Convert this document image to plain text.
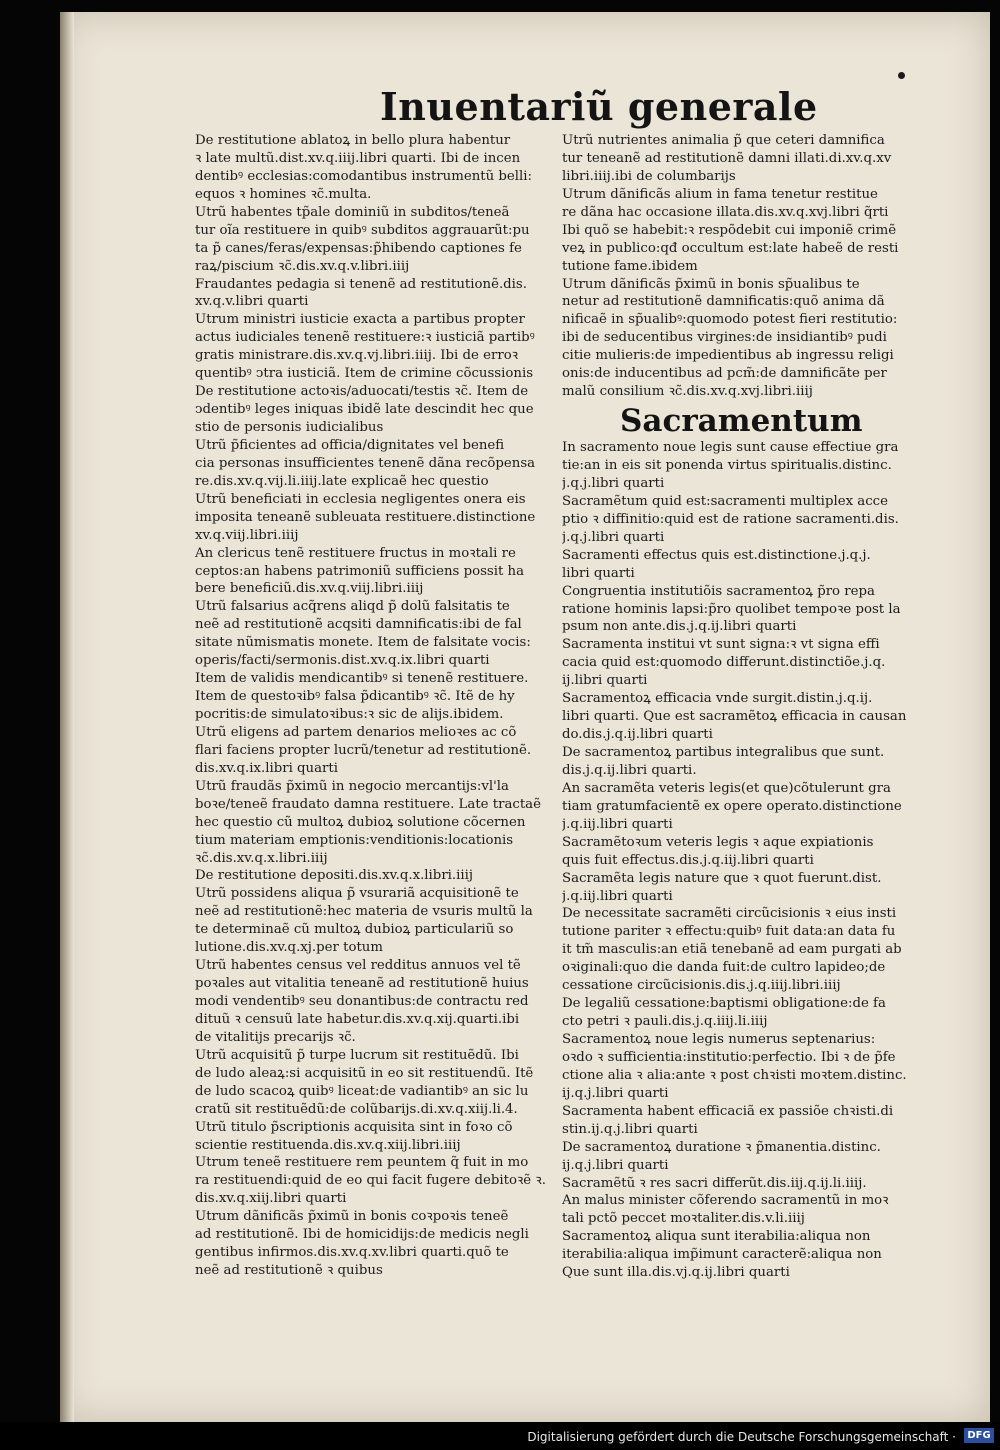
Inuentariũ generale
De restitutione ablatoꝝ in bello plura habentur
ꝛ late multũ.dist.xv.q.iiij.libri quarti. Ibi de incen
dentibꝰ ecclesias:comodantibus instrumentũ belli:
equos ꝛ homines ꝛc̃.multa.
Utrũ habentes tp̃ale dominiũ in subditos/teneã
tur oĩa restituere in quibꝰ subditos aggrauarũt:pu
ta p̃ canes/feras/expensas:p̃hibendo captiones fe
raꝝ/piscium ꝛc̃.dis.xv.q.v.libri.iiij
Fraudantes pedagia si tenenẽ ad restitutionẽ.dis.
xv.q.v.libri quarti
Utrum ministri iusticie exacta a partibus propter
actus iudiciales tenenẽ restituere:ꝛ iusticiã partibꝰ
gratis ministrare.dis.xv.q.vj.libri.iiij. Ibi de erroꝛ
quentibꝰ ↄtra iusticiã. Item de crimine cõcussionis
De restitutione actoꝛis/aduocati/testis ꝛc̃. Item de
ↄdentibꝰ leges iniquas ibidẽ late descindit hec que
stio de personis iudicialibus
Utrũ p̃ficientes ad officia/dignitates vel benefi
cia personas insufficientes tenenẽ dãna recõpensa
re.dis.xv.q.vij.li.iiij.late explicaẽ hec questio
Utrũ beneficiati in ecclesia negligentes onera eis
imposita teneanẽ subleuata restituere.distinctione
xv.q.viij.libri.iiij
An clericus tenẽ restituere fructus in moꝛtali re
ceptos:an habens patrimoniũ sufficiens possit ha
bere beneficiũ.dis.xv.q.viij.libri.iiij
Utrũ falsarius acq̃rens aliqd p̃ dolũ falsitatis te
neẽ ad restitutionẽ acqsiti damnificatis:ibi de fal
sitate nũmismatis monete. Item de falsitate vocis:
operis/facti/sermonis.dist.xv.q.ix.libri quarti
Item de validis mendicantibꝰ si tenenẽ restituere.
Item de questoꝛibꝰ falsa p̃dicantibꝰ ꝛc̃. Itẽ de hy
pocritis:de simulatoꝛibus:ꝛ sic de alijs.ibidem.
Utrũ eligens ad partem denarios melioꝛes ac cõ
flari faciens propter lucrũ/tenetur ad restitutionẽ.
dis.xv.q.ix.libri quarti
Utrũ fraudãs p̃ximũ in negocio mercantijs:vl'la
boꝛe/teneẽ fraudato damna restituere. Late tractaẽ
hec questio cũ multoꝝ dubioꝝ solutione cõcernen
tium materiam emptionis:venditionis:locationis
ꝛc̃.dis.xv.q.x.libri.iiij
De restitutione depositi.dis.xv.q.x.libri.iiij
Utrũ possidens aliqua p̃ vsurariã acquisitionẽ te
neẽ ad restitutionẽ:hec materia de vsuris multũ la
te determinaẽ cũ multoꝝ dubioꝝ particulariũ so
lutione.dis.xv.q.xj.per totum
Utrũ habentes census vel redditus annuos vel tẽ
poꝛales aut vitalitia teneanẽ ad restitutionẽ huius
modi vendentibꝰ seu donantibus:de contractu red
dituũ ꝛ censuũ late habetur.dis.xv.q.xij.quarti.ibi
de vitalitijs precarijs ꝛc̃.
Utrũ acquisitũ p̃ turpe lucrum sit restituẽdũ. Ibi
de ludo aleaꝝ:si acquisitũ in eo sit restituendũ. Itẽ
de ludo scacoꝝ quibꝰ liceat:de vadiantibꝰ an sic lu
cratũ sit restituẽdũ:de colũbarijs.di.xv.q.xiij.li.4.
Utrũ titulo p̃scriptionis acquisita sint in foꝛo cõ
scientie restituenda.dis.xv.q.xiij.libri.iiij
Utrum teneẽ restituere rem peuntem q̃ fuit in mo
ra restituendi:quid de eo qui facit fugere debitoꝛẽ ꝛ.
dis.xv.q.xiij.libri quarti
Utrum dãnificãs p̃ximũ in bonis coꝛpoꝛis teneẽ
ad restitutionẽ. Ibi de homicidijs:de medicis negli
gentibus infirmos.dis.xv.q.xv.libri quarti.quõ te
neẽ ad restitutionẽ ꝛ quibus
Utrũ nutrientes animalia p̃ que ceteri damnifica
tur teneanẽ ad restitutionẽ damni illati.di.xv.q.xv
libri.iiij.ibi de columbarijs
Utrum dãnificãs alium in fama tenetur restitue
re dãna hac occasione illata.dis.xv.q.xvj.libri q̃rti
Ibi quõ se habebit:ꝛ respõdebit cui imponiẽ crimẽ
veꝝ in publico:qđ occultum est:late habeẽ de resti
tutione fame.ibidem
Utrum dãnificãs p̃ximũ in bonis sp̃ualibus te
netur ad restitutionẽ damnificatis:quõ anima dã
nificaẽ in sp̃ualibꝰ:quomodo potest fieri restitutio:
ibi de seducentibus virgines:de insidiantibꝰ pudi
citie mulieris:de impedientibus ab ingressu religi
onis:de inducentibus ad pcm̃:de damnificãte per
malũ consilium ꝛc̃.dis.xv.q.xvj.libri.iiij
Sacramentum
In sacramento noue legis sunt cause effectiue gra
tie:an in eis sit ponenda virtus spiritualis.distinc.
j.q.j.libri quarti
Sacramẽtum quid est:sacramenti multiplex acce
ptio ꝛ diffinitio:quid est de ratione sacramenti.dis.
j.q.j.libri quarti
Sacramenti effectus quis est.distinctione.j.q.j.
libri quarti
Congruentia institutiõis sacramentoꝝ p̃ro repa
ratione hominis lapsi:p̃ro quolibet tempoꝛe post la
psum non ante.dis.j.q.ij.libri quarti
Sacramenta institui vt sunt signa:ꝛ vt signa effi
cacia quid est:quomodo differunt.distinctiõe.j.q.
ij.libri quarti
Sacramentoꝝ efficacia vnde surgit.distin.j.q.ij.
libri quarti. Que est sacramẽtoꝝ efficacia in causan
do.dis.j.q.ij.libri quarti
De sacramentoꝝ partibus integralibus que sunt.
dis.j.q.ij.libri quarti.
An sacramẽta veteris legis(et que)cõtulerunt gra
tiam gratumfacientẽ ex opere operato.distinctione
j.q.iij.libri quarti
Sacramẽtoꝛum veteris legis ꝛ aque expiationis
quis fuit effectus.dis.j.q.iij.libri quarti
Sacramẽta legis nature que ꝛ quot fuerunt.dist.
j.q.iij.libri quarti
De necessitate sacramẽti circũcisionis ꝛ eius insti
tutione pariter ꝛ effectu:quibꝰ fuit data:an data fu
it tm̃ masculis:an etiã tenebanẽ ad eam purgati ab
oꝛiginali:quo die danda fuit:de cultro lapideo;de
cessatione circũcisionis.dis.j.q.iiij.libri.iiij
De legaliũ cessatione:baptismi obligatione:de fa
cto petri ꝛ pauli.dis.j.q.iiij.li.iiij
Sacramentoꝝ noue legis numerus septenarius:
oꝛdo ꝛ sufficientia:institutio:perfectio. Ibi ꝛ de p̃fe
ctione alia ꝛ alia:ante ꝛ post chꝛisti moꝛtem.distinc.
ij.q.j.libri quarti
Sacramenta habent efficaciã ex passiõe chꝛisti.di
stin.ij.q.j.libri quarti
De sacramentoꝝ duratione ꝛ p̃manentia.distinc.
ij.q.j.libri quarti
Sacramẽtũ ꝛ res sacri differũt.dis.iij.q.ij.li.iiij.
An malus minister cõferendo sacramentũ in moꝛ
tali pctõ peccet moꝛtaliter.dis.v.li.iiij
Sacramentoꝝ aliqua sunt iterabilia:aliqua non
iterabilia:aliqua imp̃imunt caracterẽ:aliqua non
Que sunt illa.dis.vj.q.ij.libri quarti
Digitalisierung gefördert durch die Deutsche Forschungsgemeinschaft ·	DFG
